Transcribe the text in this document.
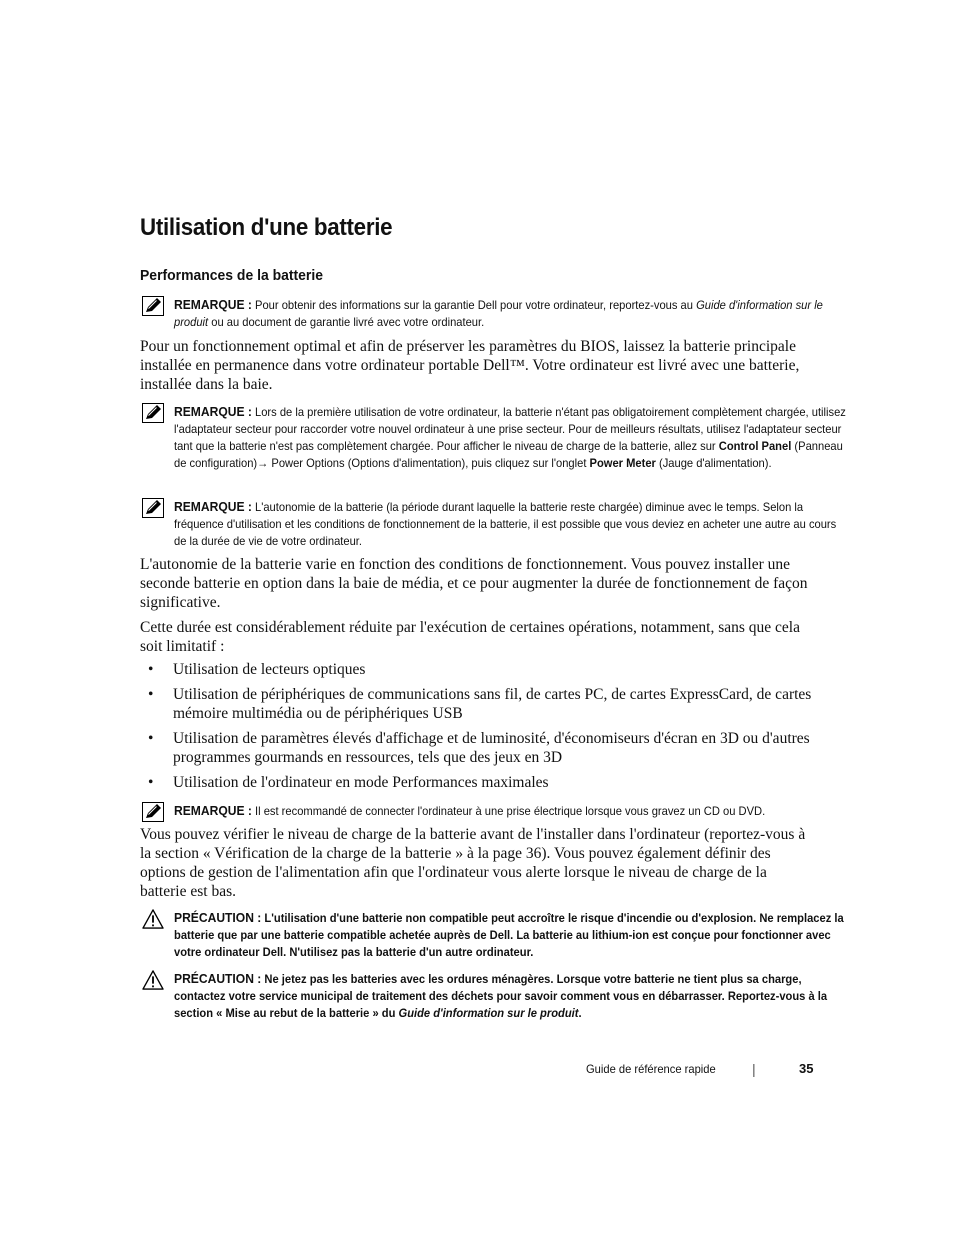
Utilisation d'une batterie
Performances de la batterie
REMARQUE : Pour obtenir des informations sur la garantie Dell pour votre ordinateur, reportez-vous au Guide d'information sur le produit ou au document de garantie livré avec votre ordinateur.

Pour un fonctionnement optimal et afin de préserver les paramètres du BIOS, laissez la batterie principale installée en permanence dans votre ordinateur portable Dell™. Votre ordinateur est livré avec une batterie, installée dans la baie.

REMARQUE : Lors de la première utilisation de votre ordinateur, la batterie n'étant pas obligatoirement complètement chargée, utilisez l'adaptateur secteur pour raccorder votre nouvel ordinateur à une prise secteur. Pour de meilleurs résultats, utilisez l'adaptateur secteur tant que la batterie n'est pas complètement chargée. Pour afficher le niveau de charge de la batterie, allez sur Control Panel (Panneau de configuration)→ Power Options (Options d'alimentation), puis cliquez sur l'onglet Power Meter (Jauge d'alimentation).
REMARQUE : L'autonomie de la batterie (la période durant laquelle la batterie reste chargée) diminue avec le temps. Selon la fréquence d'utilisation et les conditions de fonctionnement de la batterie, il est possible que vous deviez en acheter une autre au cours de la durée de vie de votre ordinateur.

L'autonomie de la batterie varie en fonction des conditions de fonctionnement. Vous pouvez installer une seconde batterie en option dans la baie de média, et ce pour augmenter la durée de fonctionnement de façon significative.

Cette durée est considérablement réduite par l'exécution de certaines opérations, notamment, sans que cela soit limitatif :

• Utilisation de lecteurs optiques
• Utilisation de périphériques de communications sans fil, de cartes PC, de cartes ExpressCard, de cartes mémoire multimédia ou de périphériques USB
• Utilisation de paramètres élevés d'affichage et de luminosité, d'économiseurs d'écran en 3D ou d'autres programmes gourmands en ressources, tels que des jeux en 3D
• Utilisation de l'ordinateur en mode Performances maximales
REMARQUE : Il est recommandé de connecter l'ordinateur à une prise électrique lorsque vous gravez un CD ou DVD.

Vous pouvez vérifier le niveau de charge de la batterie avant de l'installer dans l'ordinateur (reportez-vous à la section « Vérification de la charge de la batterie » à la page 36). Vous pouvez également définir des options de gestion de l'alimentation afin que l'ordinateur vous alerte lorsque le niveau de charge de la batterie est bas.

PRÉCAUTION : L'utilisation d'une batterie non compatible peut accroître le risque d'incendie ou d'explosion. Ne remplacez la batterie que par une batterie compatible achetée auprès de Dell. La batterie au lithium-ion est conçue pour fonctionner avec votre ordinateur Dell. N'utilisez pas la batterie d'un autre ordinateur.
PRÉCAUTION : Ne jetez pas les batteries avec les ordures ménagères. Lorsque votre batterie ne tient plus sa charge, contactez votre service municipal de traitement des déchets pour savoir comment vous en débarrasser. Reportez-vous à la section « Mise au rebut de la batterie » du Guide d'information sur le produit.
Guide de référence rapide	35
